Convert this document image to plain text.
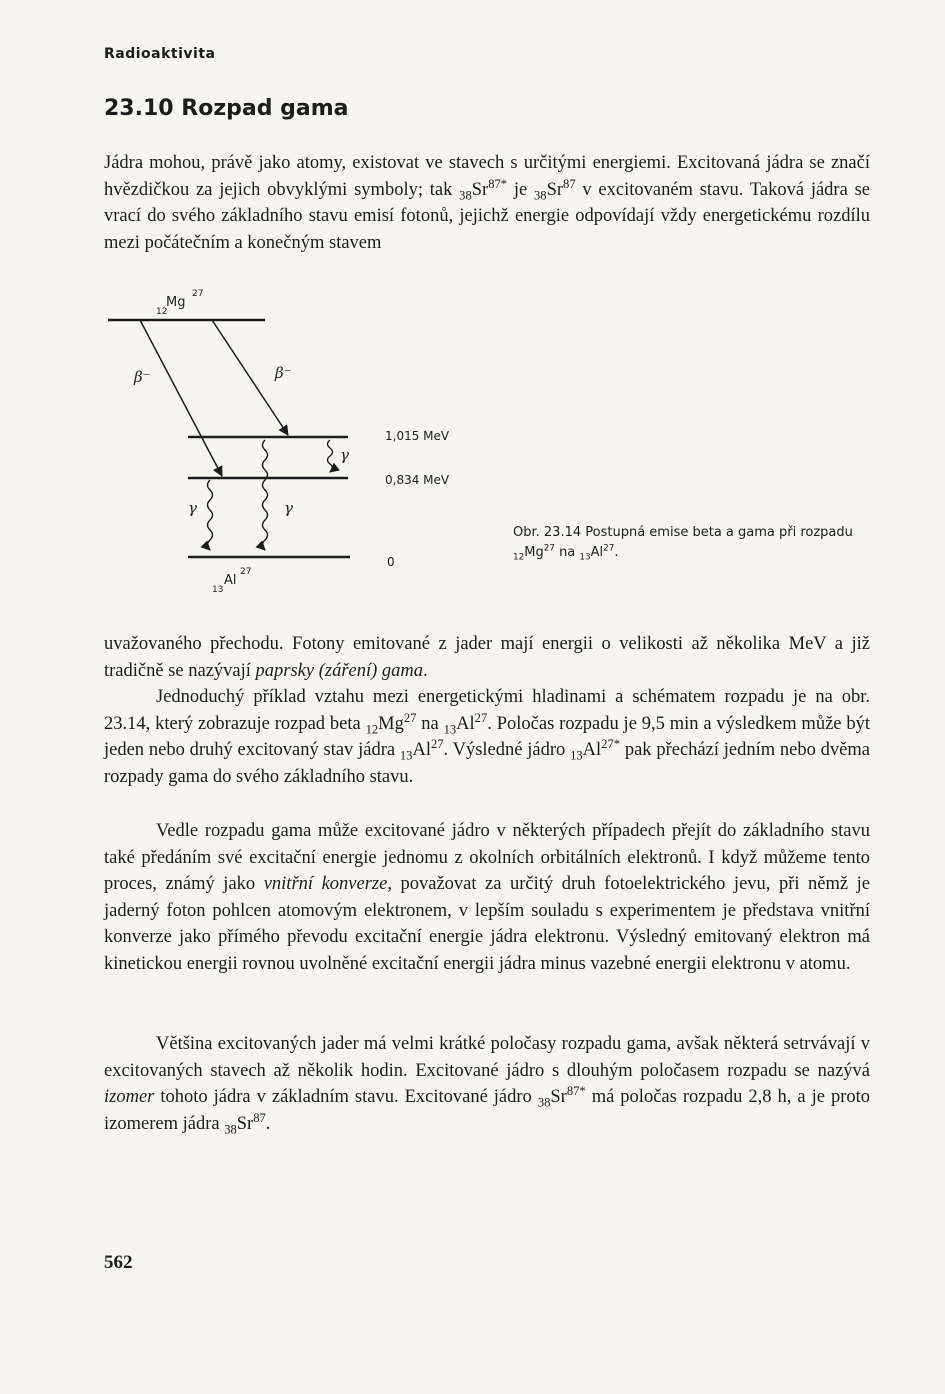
Radioaktivita
23.10 Rozpad gama

Jádra mohou, právě jako atomy, existovat ve stavech s určitými energiemi. Excitovaná jádra se značí hvězdičkou za jejich obvyklými symboly; tak $_{38}Sr^{87*}$ je $_{38}Sr^{87}$ v excitovaném stavu. Taková jádra se vrací do svého základního stavu emisí fotonů, jejichž energie odpovídají vždy energetickému rozdílu mezi počátečním a konečným stavem

12Mg27
β⁻	β⁻
γ
γ	γ
1,015 MeV
0,834 MeV
0
13Al27
Obr. 23.14 Postupná emise beta a gama při rozpadu $_{12}Mg^{27}$ na $_{13}Al^{27}$.

uvažovaného přechodu. Fotony emitované z jader mají energii o velikosti až několika MeV a již tradičně se nazývají paprsky (záření) gama.

Jednoduchý příklad vztahu mezi energetickými hladinami a schématem rozpadu je na obr. 23.14, který zobrazuje rozpad beta $_{12}Mg^{27}$ na $_{13}Al^{27}$. Poločas rozpadu je 9,5 min a výsledkem může být jeden nebo druhý excitovaný stav jádra $_{13}Al^{27}$. Výsledné jádro $_{13}Al^{27*}$ pak přechází jedním nebo dvěma rozpady gama do svého základního stavu.

Vedle rozpadu gama může excitované jádro v některých případech přejít do základního stavu také předáním své excitační energie jednomu z okolních orbitálních elektronů. I když můžeme tento proces, známý jako vnitřní konverze, považovat za určitý druh fotoelektrického jevu, při němž je jaderný foton pohlcen atomovým elektronem, v lepším souladu s experimentem je představa vnitřní konverze jako přímého převodu excitační energie jádra elektronu. Výsledný emitovaný elektron má kinetickou energii rovnou uvolněné excitační energii jádra minus vazebné energii elektronu v atomu.

Většina excitovaných jader má velmi krátké poločasy rozpadu gama, avšak některá setrvávají v excitovaných stavech až několik hodin. Excitované jádro s dlouhým poločasem rozpadu se nazývá izomer tohoto jádra v základním stavu. Excitované jádro $_{38}Sr^{87*}$ má poločas rozpadu 2,8 h, a je proto izomerem jádra $_{38}Sr^{87}$.

562
